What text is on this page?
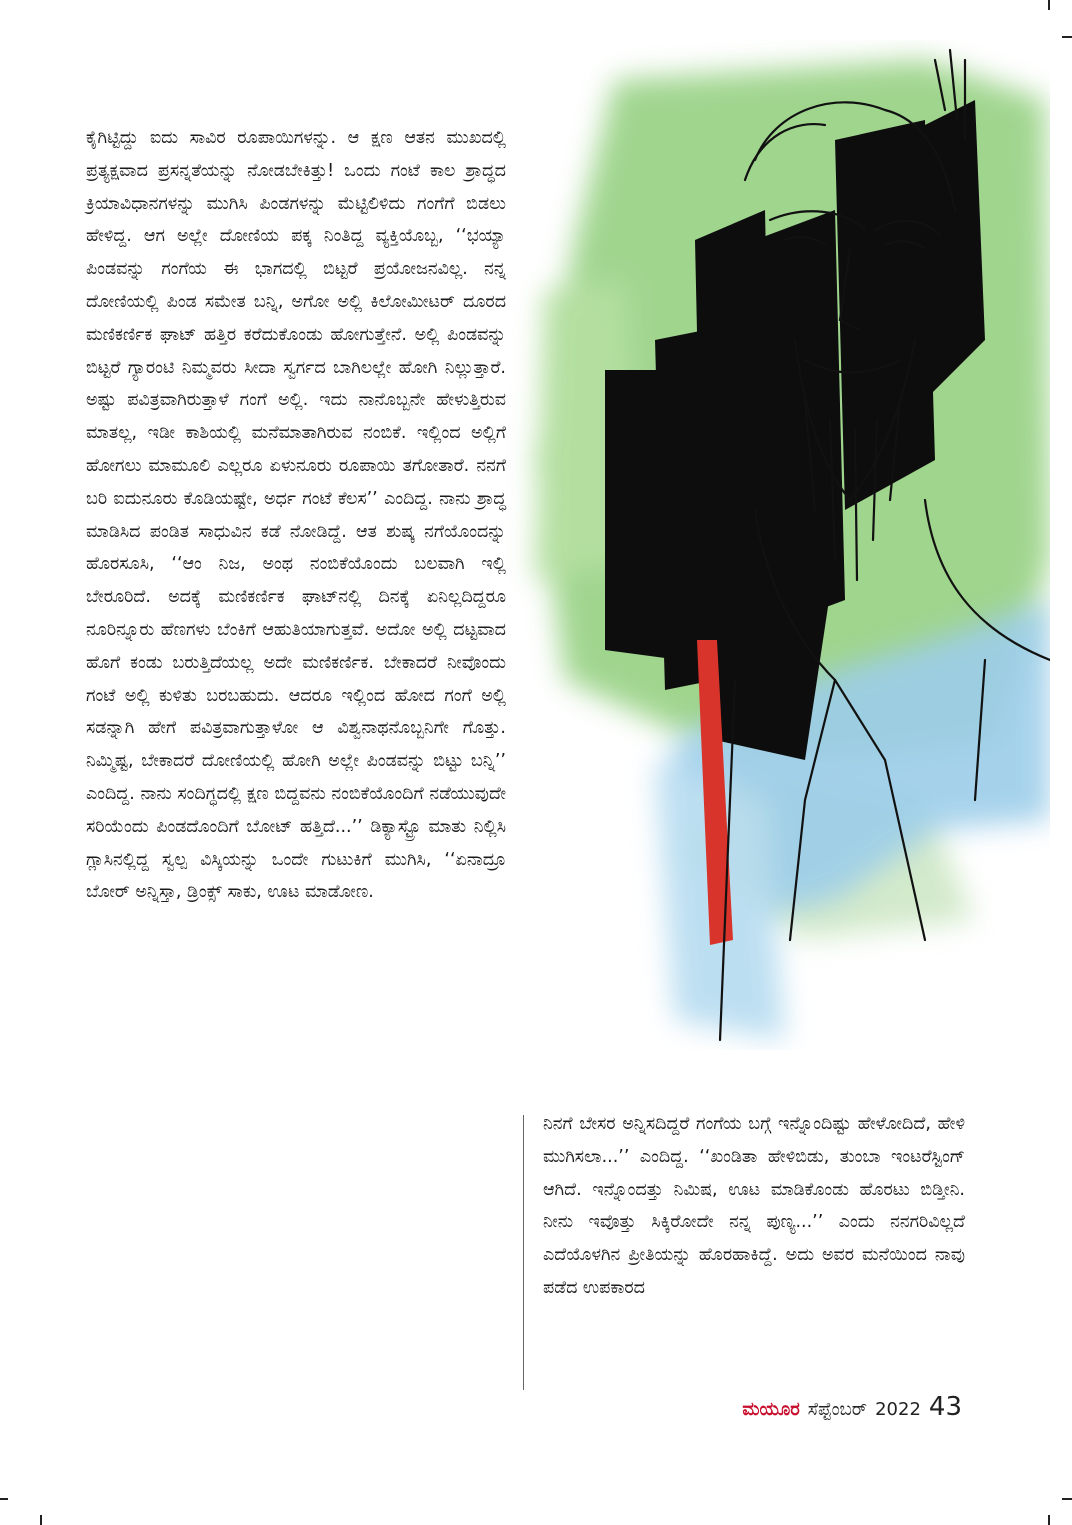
ಕೈಗಿಟ್ಟಿದ್ದು ಐದು ಸಾವಿರ ರೂಪಾಯಿಗಳನ್ನು. ಆ ಕ್ಷಣ ಆತನ ಮುಖದಲ್ಲಿ ಪ್ರತ್ಯಕ್ಷವಾದ ಪ್ರಸನ್ನತೆಯನ್ನು ನೋಡಬೇಕಿತ್ತು! ಒಂದು ಗಂಟೆ ಕಾಲ ಶ್ರಾದ್ಧದ ಕ್ರಿಯಾವಿಧಾನಗಳನ್ನು ಮುಗಿಸಿ ಪಿಂಡಗಳನ್ನು ಮೆಟ್ಟಿಲಿಳಿದು ಗಂಗೆಗೆ ಬಿಡಲು ಹೇಳಿದ್ದ. ಆಗ ಅಲ್ಲೇ ದೋಣಿಯ ಪಕ್ಕ ನಿಂತಿದ್ದ ವ್ಯಕ್ತಿಯೊಬ್ಬ, ‘‘ಭಯ್ಯಾ ಪಿಂಡವನ್ನು ಗಂಗೆಯ ಈ ಭಾಗದಲ್ಲಿ ಬಿಟ್ಟರೆ ಪ್ರಯೋಜನವಿಲ್ಲ. ನನ್ನ ದೋಣಿಯಲ್ಲಿ ಪಿಂಡ ಸಮೇತ ಬನ್ನಿ, ಅಗೋ ಅಲ್ಲಿ ಕಿಲೋಮೀಟರ್ ದೂರದ ಮಣಿಕರ್ಣಿಕ ಘಾಟ್ ಹತ್ತಿರ ಕರೆದುಕೊಂಡು ಹೋಗುತ್ತೇನೆ. ಅಲ್ಲಿ ಪಿಂಡವನ್ನು ಬಿಟ್ಟರೆ ಗ್ಯಾರಂಟಿ ನಿಮ್ಮವರು ಸೀದಾ ಸ್ವರ್ಗದ ಬಾಗಿಲಲ್ಲೇ ಹೋಗಿ ನಿಲ್ಲುತ್ತಾರೆ. ಅಷ್ಟು ಪವಿತ್ರವಾಗಿರುತ್ತಾಳೆ ಗಂಗೆ ಅಲ್ಲಿ. ಇದು ನಾನೊಬ್ಬನೇ ಹೇಳುತ್ತಿರುವ ಮಾತಲ್ಲ, ಇಡೀ ಕಾಶಿಯಲ್ಲಿ ಮನೆಮಾತಾಗಿರುವ ನಂಬಿಕೆ. ಇಲ್ಲಿಂದ ಅಲ್ಲಿಗೆ ಹೋಗಲು ಮಾಮೂಲಿ ಎಲ್ಲರೂ ಏಳುನೂರು ರೂಪಾಯಿ ತಗೋತಾರೆ. ನನಗೆ ಬರಿ ಐದುನೂರು ಕೊಡಿಯಷ್ಟೇ, ಅರ್ಧ ಗಂಟೆ ಕೆಲಸ’’ ಎಂದಿದ್ದ. ನಾನು ಶ್ರಾದ್ಧ ಮಾಡಿಸಿದ ಪಂಡಿತ ಸಾಧುವಿನ ಕಡೆ ನೋಡಿದ್ದೆ. ಆತ ಶುಷ್ಕ ನಗೆಯೊಂದನ್ನು ಹೊರಸೂಸಿ, ‘‘ಆಂ ನಿಜ, ಅಂಥ ನಂಬಿಕೆಯೊಂದು ಬಲವಾಗಿ ಇಲ್ಲಿ ಬೇರೂರಿದೆ. ಅದಕ್ಕೆ ಮಣಿಕರ್ಣಿಕ ಘಾಟ್‌ನಲ್ಲಿ ದಿನಕ್ಕೆ ಏನಿಲ್ಲದಿದ್ದರೂ ನೂರಿನ್ನೂರು ಹೆಣಗಳು ಬೆಂಕಿಗೆ ಆಹುತಿಯಾಗುತ್ತವೆ. ಅದೋ ಅಲ್ಲಿ ದಟ್ಟವಾದ ಹೊಗೆ ಕಂಡು ಬರುತ್ತಿದೆಯಲ್ಲ ಅದೇ ಮಣಿಕರ್ಣಿಕ. ಬೇಕಾದರೆ ನೀವೊಂದು ಗಂಟೆ ಅಲ್ಲಿ ಕುಳಿತು ಬರಬಹುದು. ಆದರೂ ಇಲ್ಲಿಂದ ಹೋದ ಗಂಗೆ ಅಲ್ಲಿ ಸಡನ್ನಾಗಿ ಹೇಗೆ ಪವಿತ್ರವಾಗುತ್ತಾಳೋ ಆ ವಿಶ್ವನಾಥನೊಬ್ಬನಿಗೇ ಗೊತ್ತು. ನಿಮ್ಮಿಷ್ಟ, ಬೇಕಾದರೆ ದೋಣಿಯಲ್ಲಿ ಹೋಗಿ ಅಲ್ಲೇ ಪಿಂಡವನ್ನು ಬಿಟ್ಟು ಬನ್ನಿ’’ ಎಂದಿದ್ದ. ನಾನು ಸಂದಿಗ್ಧದಲ್ಲಿ ಕ್ಷಣ ಬಿದ್ದವನು ನಂಬಿಕೆಯೊಂದಿಗೆ ನಡೆಯುವುದೇ ಸರಿಯೆಂದು ಪಿಂಡದೊಂದಿಗೆ ಬೋಟ್ ಹತ್ತಿದೆ...’’ ಡಿಕ್ಯಾಸ್ಟ್ರೊ ಮಾತು ನಿಲ್ಲಿಸಿ ಗ್ಲಾಸಿನಲ್ಲಿದ್ದ ಸ್ವಲ್ಪ ವಿಸ್ಕಿಯನ್ನು ಒಂದೇ ಗುಟುಕಿಗೆ ಮುಗಿಸಿ, ‘‘ಏನಾದ್ರೂ ಬೋರ್ ಅನ್ನಿಸ್ತಾ, ಡ್ರಿಂಕ್ಸ್ ಸಾಕು, ಊಟ ಮಾಡೋಣ.

ನಿನಗೆ ಬೇಸರ ಅನ್ನಿಸದಿದ್ದರೆ ಗಂಗೆಯ ಬಗ್ಗೆ ಇನ್ನೊಂದಿಷ್ಟು ಹೇಳೋದಿದೆ, ಹೇಳಿ ಮುಗಿಸಲಾ...’’ ಎಂದಿದ್ದ. ‘‘ಖಂಡಿತಾ ಹೇಳಿಬಿಡು, ತುಂಬಾ ಇಂಟರೆಸ್ಟಿಂಗ್ ಆಗಿದೆ. ಇನ್ನೊಂದತ್ತು ನಿಮಿಷ, ಊಟ ಮಾಡಿಕೊಂಡು ಹೊರಟು ಬಿಡ್ತೀನಿ. ನೀನು ಇವೊತ್ತು ಸಿಕ್ಕಿರೋದೇ ನನ್ನ ಪುಣ್ಯ...’’ ಎಂದು ನನಗರಿವಿಲ್ಲದೆ ಎದೆಯೊಳಗಿನ ಪ್ರೀತಿಯನ್ನು ಹೊರಹಾಕಿದ್ದೆ. ಅದು ಅವರ ಮನೆಯಿಂದ ನಾವು ಪಡೆದ ಉಪಕಾರದ

ಮಯೂರ ಸೆಪ್ಟೆಂಬರ್ 2022 43
